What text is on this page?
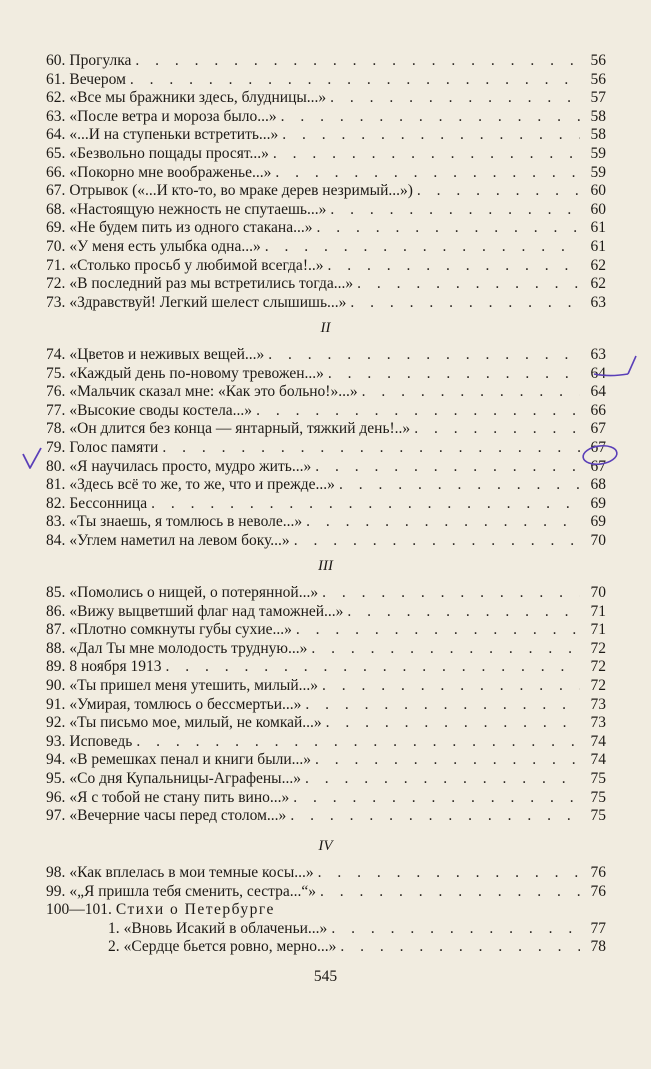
60. Прогулка . . .	56
61. Вечером . . .	56
62. «Все мы бражники здесь, блудницы...» . . .	57
63. «После ветра и мороза было...» . . .	58
64. «...И на ступеньки встретить...» . . .	58
65. «Безвольно пощады просят...» . . .	59
66. «Покорно мне воображенье...» . . .	59
67. Отрывок («...И кто-то, во мраке дерев незримый...») . . .	60
68. «Настоящую нежность не спутаешь...» . . .	60
69. «Не будем пить из одного стакана...» . . .	61
70. «У меня есть улыбка одна...» . . .	61
71. «Столько просьб у любимой всегда!..» . . .	62
72. «В последний раз мы встретились тогда...» . . .	62
73. «Здравствуй! Легкий шелест слышишь...» . . .	63
II
74. «Цветов и неживых вещей...» . . .	63
75. «Каждый день по-новому тревожен...» . . .	64
76. «Мальчик сказал мне: «Как это больно!»...» . . .	64
77. «Высокие своды костела...» . . .	66
78. «Он длится без конца — янтарный, тяжкий день!..» . . .	67
79. Голос памяти . . .	67
80. «Я научилась просто, мудро жить...» . . .	67
81. «Здесь всё то же, то же, что и прежде...» . . .	68
82. Бессонница . . .	69
83. «Ты знаешь, я томлюсь в неволе...» . . .	69
84. «Углем наметил на левом боку...» . . .	70
III
85. «Помолись о нищей, о потерянной...» . . .	70
86. «Вижу выцветший флаг над таможней...» . . .	71
87. «Плотно сомкнуты губы сухие...» . . .	71
88. «Дал Ты мне молодость трудную...» . . .	72
89. 8 ноября 1913 . . .	72
90. «Ты пришел меня утешить, милый...» . . .	72
91. «Умирая, томлюсь о бессмертьи...» . . .	73
92. «Ты письмо мое, милый, не комкай...» . . .	73
93. Исповедь . . .	74
94. «В ремешках пенал и книги были...» . . .	74
95. «Со дня Купальницы-Аграфены...» . . .	75
96. «Я с тобой не стану пить вино...» . . .	75
97. «Вечерние часы перед столом...» . . .	75
IV
98. «Как вплелась в мои темные косы...» . . .	76
99. «„Я пришла тебя сменить, сестра...“» . . .	76
100—101. Стихи о Петербурге
1. «Вновь Исакий в облаченьи...» . . .	77
2. «Сердце бьется ровно, мерно...» . . .	78
545
